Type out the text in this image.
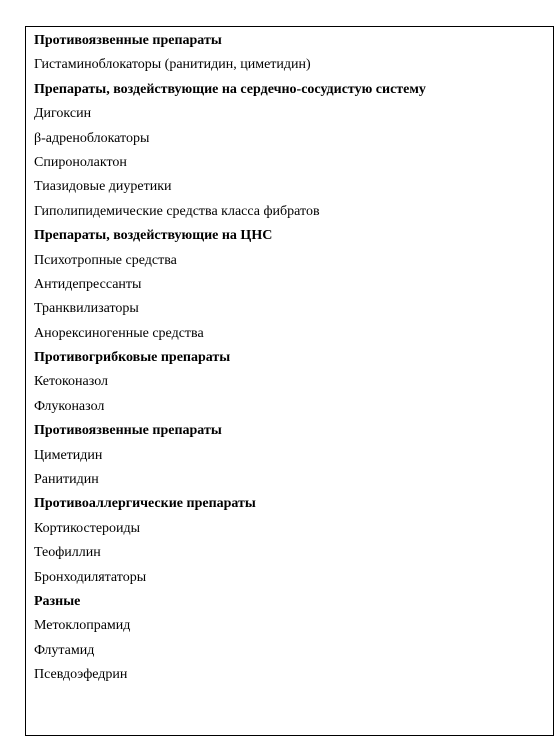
Противоязвенные препараты
Гистаминоблокаторы (ранитидин, циметидин)
Препараты, воздействующие на сердечно-сосудистую систему
Дигоксин
β-адреноблокаторы
Спиронолактон
Тиазидовые диуретики
Гиполипидемические средства класса фибратов
Препараты, воздействующие на ЦНС
Психотропные средства
Антидепрессанты
Транквилизаторы
Анорексиногенные средства
Противогрибковые препараты
Кетоконазол
Флуконазол
Противоязвенные препараты
Циметидин
Ранитидин
Противоаллергические препараты
Кортикостероиды
Теофиллин
Бронходилятаторы
Разные
Метоклопрамид
Флутамид
Псевдоэфедрин
